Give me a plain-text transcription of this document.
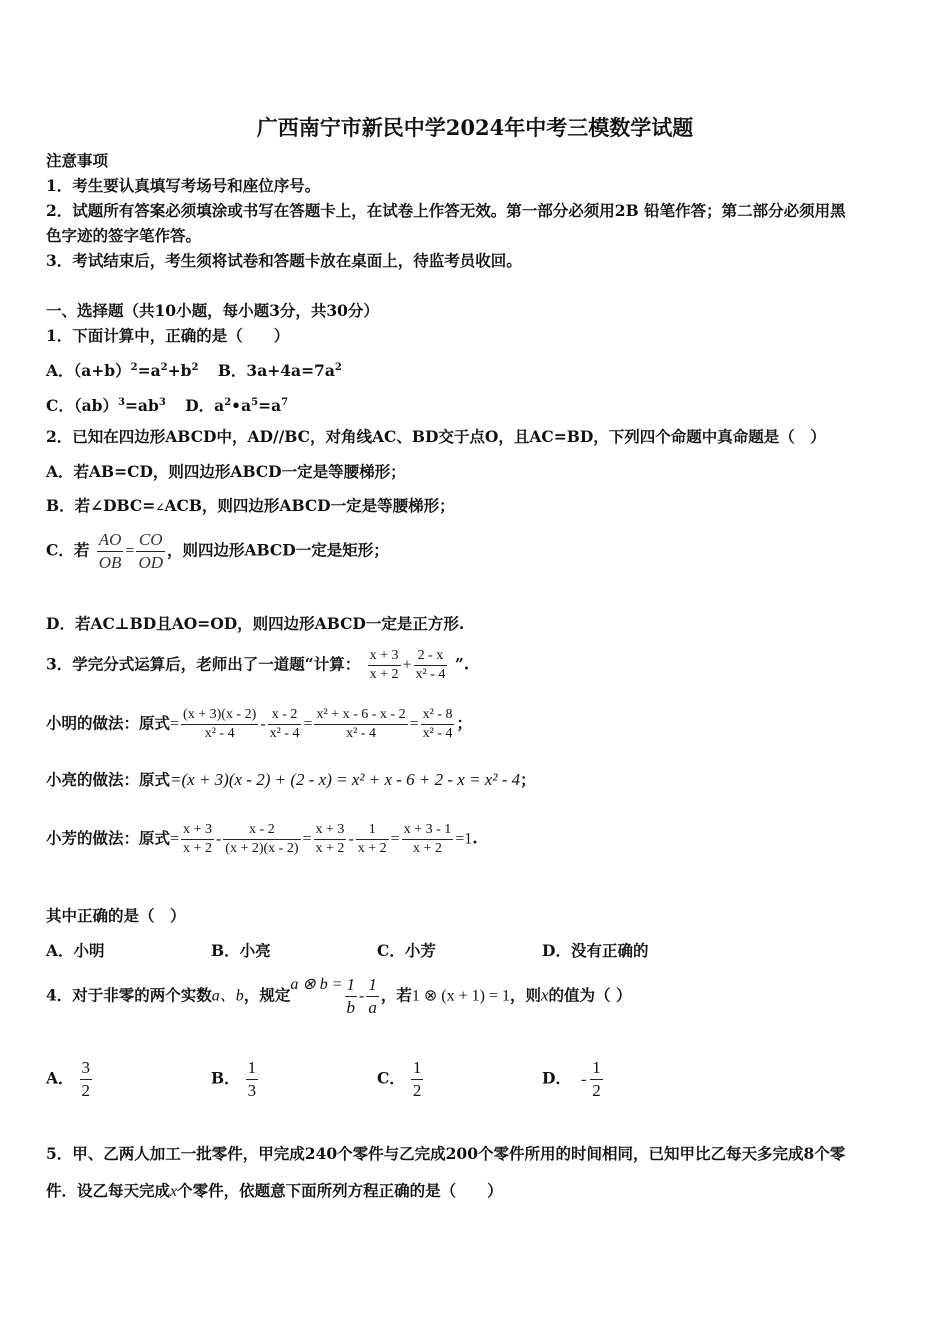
广西南宁市新民中学2024年中考三模数学试题
注意事项
1．考生要认真填写考场号和座位序号。
2．试题所有答案必须填涂或书写在答题卡上，在试卷上作答无效。第一部分必须用2B 铅笔作答；第二部分必须用黑
色字迹的签字笔作答。
3．考试结束后，考生须将试卷和答题卡放在桌面上，待监考员收回。
一、选择题（共10小题，每小题3分，共30分）
1．下面计算中，正确的是（　　）
A．$(a+b)^2=a^2+b^2$ B．$3a+4a=7a^2$
C．$(ab)^3=ab^3$ D．$a^2•a^5=a^7$
2．已知在四边形ABCD中，AD//BC，对角线AC、BD交于点O，且AC=BD，下列四个命题中真命题是（　）
A．若AB=CD，则四边形ABCD一定是等腰梯形；
B．若∠DBC=∠ACB，则四边形ABCD一定是等腰梯形；
C．若 $\frac{AO}{OB} = \frac{CO}{OD}$ ，则四边形ABCD一定是矩形；
D．若AC⊥BD且AO=OD，则四边形ABCD一定是正方形.
3．学完分式运算后，老师出了一道题“计算： $\frac{x + 3}{x + 2} + \frac{2 - x}{\text{x² - 4}}$ ”.
小明的做法：原式= $\frac{(x + 3)(x - 2)}{\text{x² - 4}} - \frac{x - 2}{\text{x² - 4}} = \frac{\text{x² + x - 6 - x - 2}}{\text{x² - 4}} = \frac{\text{x² - 8}}{\text{x² - 4}}$ ；
小亮的做法：原式=(x + 3)(x - 2) + (2 - x) = x² + x - 6 + 2 - x = x² - 4；
小芳的做法：原式= $\frac{x + 3}{x + 2} - \frac{x - 2}{(x + 2)(x - 2)} = \frac{x + 3}{x + 2} - \frac{1}{x + 2} = \frac{x + 3 - 1}{x + 2} =1$.
其中正确的是（　）
A．小明	B．小亮	C．小芳	D．没有正确的
4．对于非零的两个实数a、b，规定a ⊗ $b = \frac{1}{b} - \frac{1}{a}$ ，若1 ⊗ (x + 1) = 1，则x的值为（ ）
A． $\frac{3}{2}$	B． $\frac{1}{3}$	C． $\frac{1}{2}$	D． - $\frac{1}{2}$
5．甲、乙两人加工一批零件，甲完成240个零件与乙完成200个零件所用的时间相同，已知甲比乙每天多完成8个零
件．设乙每天完成x个零件，依题意下面所列方程正确的是（　　）
